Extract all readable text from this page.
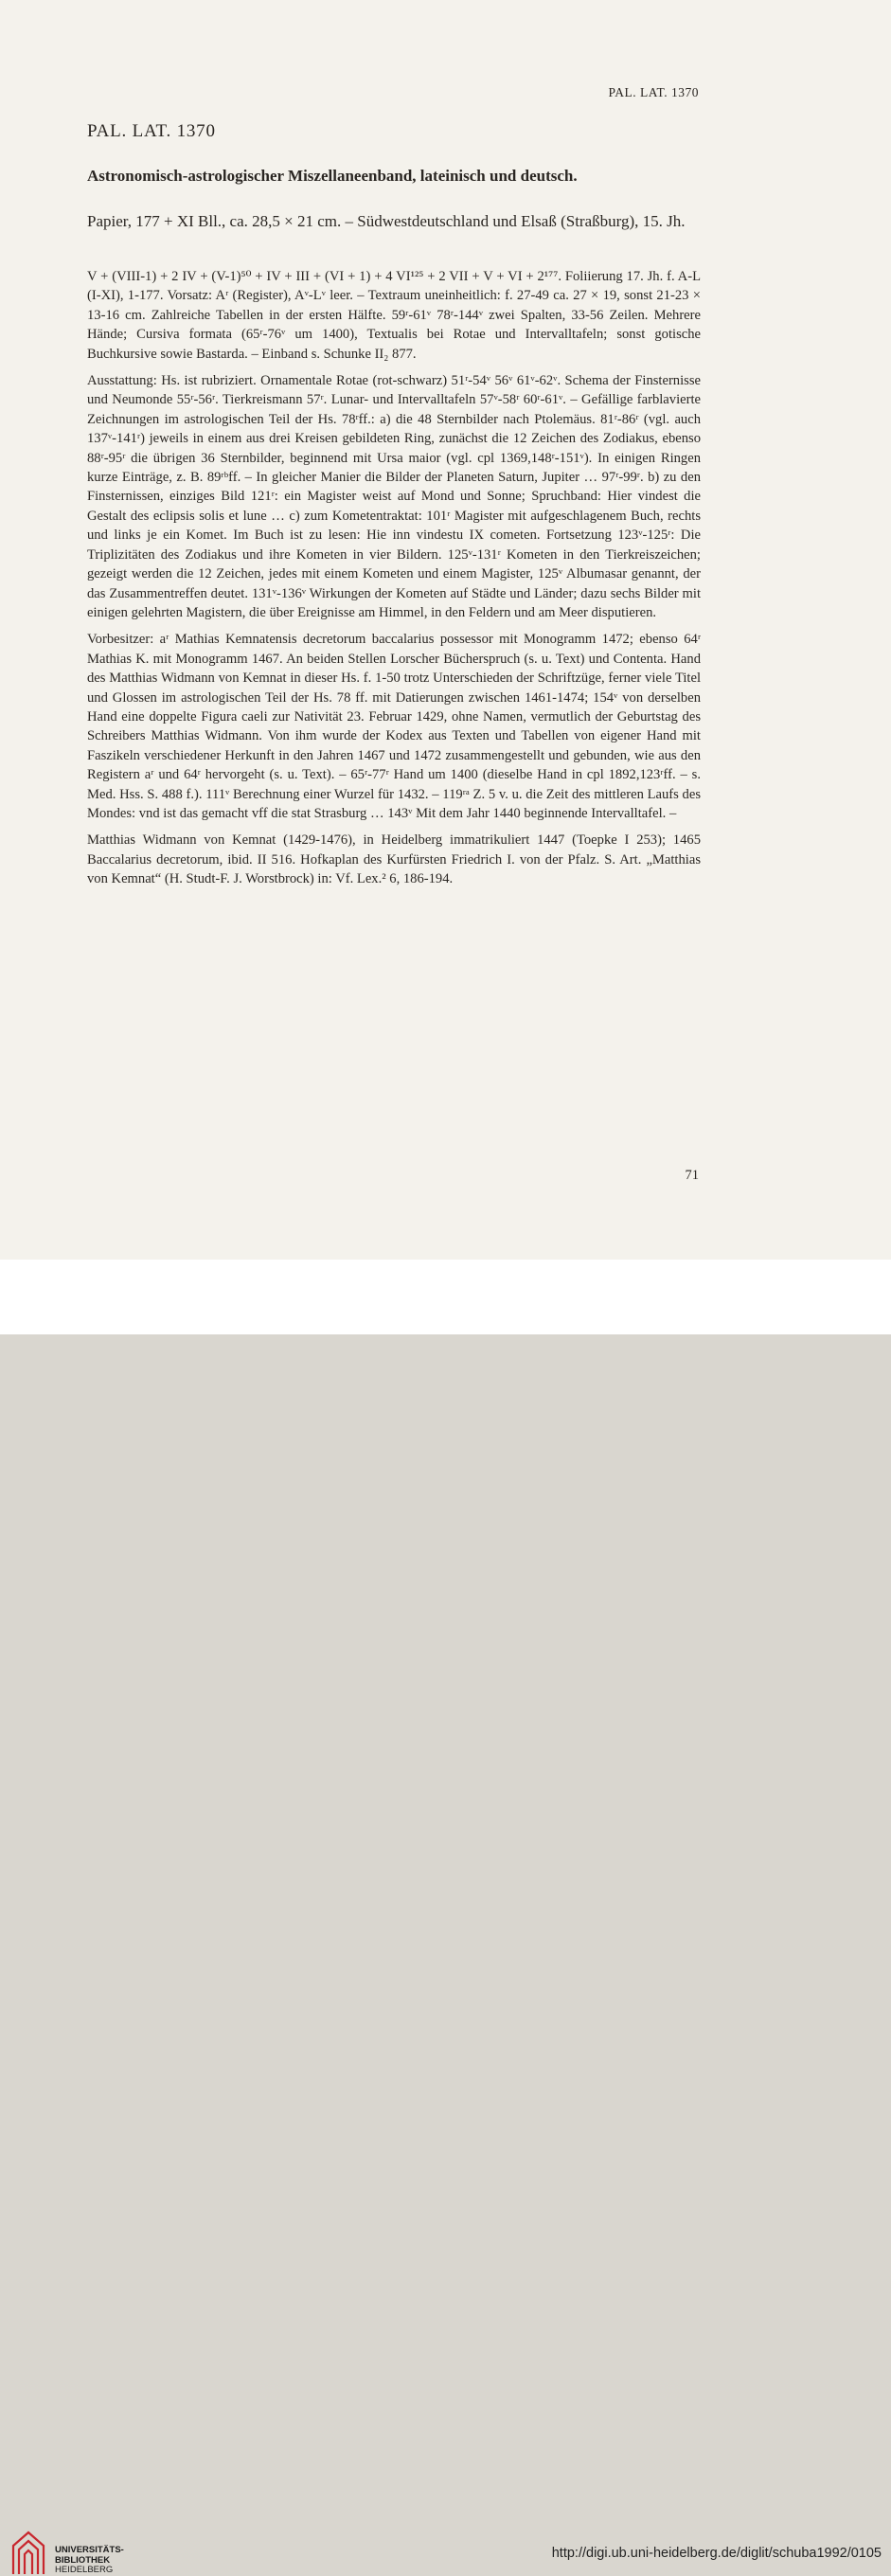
PAL. LAT. 1370
PAL. LAT. 1370
Astronomisch-astrologischer Miszellaneenband, lateinisch und deutsch.
Papier, 177 + XI Bll., ca. 28,5 × 21 cm. – Südwestdeutschland und Elsaß (Straßburg), 15. Jh.

V + (VIII-1) + 2 IV + (V-1)⁵⁰ + IV + III + (VI + 1) + 4 VI¹²⁵ + 2 VII + V + VI + 2¹⁷⁷. Foliierung 17. Jh. f. A-L (I-XI), 1-177. Vorsatz: Aʳ (Register), Aᵛ-Lᵛ leer. – Textraum uneinheitlich: f. 27-49 ca. 27 × 19, sonst 21-23 × 13-16 cm. Zahlreiche Tabellen in der ersten Hälfte. 59ʳ-61ᵛ 78ʳ-144ᵛ zwei Spalten, 33-56 Zeilen. Mehrere Hände; Cursiva formata (65ʳ-76ᵛ um 1400), Textualis bei Rotae und Intervalltafeln; sonst gotische Buchkursive sowie Bastarda. – Einband s. Schunke II₂ 877.

Ausstattung: Hs. ist rubriziert. Ornamentale Rotae (rot-schwarz) 51ʳ-54ᵛ 56ᵛ 61ᵛ-62ᵛ. Schema der Finsternisse und Neumonde 55ʳ-56ʳ. Tierkreismann 57ʳ. Lunar- und Intervalltafeln 57ᵛ-58ʳ 60ʳ-61ᵛ. – Gefällige farblavierte Zeichnungen im astrologischen Teil der Hs. 78ʳff.: a) die 48 Sternbilder nach Ptolemäus. 81ʳ-86ʳ (vgl. auch 137ᵛ-141ʳ) jeweils in einem aus drei Kreisen gebildeten Ring, zunächst die 12 Zeichen des Zodiakus, ebenso 88ʳ-95ʳ die übrigen 36 Sternbilder, beginnend mit Ursa maior (vgl. cpl 1369,148ʳ-151ᵛ). In einigen Ringen kurze Einträge, z. B. 89ʳᵇff. – In gleicher Manier die Bilder der Planeten Saturn, Jupiter … 97ʳ-99ʳ. b) zu den Finsternissen, einziges Bild 121ʳ: ein Magister weist auf Mond und Sonne; Spruchband: Hier vindest die Gestalt des eclipsis solis et lune … c) zum Kometentraktat: 101ʳ Magister mit aufgeschlagenem Buch, rechts und links je ein Komet. Im Buch ist zu lesen: Hie inn vindestu IX cometen. Fortsetzung 123ᵛ-125ʳ: Die Triplizitäten des Zodiakus und ihre Kometen in vier Bildern. 125ᵛ-131ʳ Kometen in den Tierkreiszeichen; gezeigt werden die 12 Zeichen, jedes mit einem Kometen und einem Magister, 125ᵛ Albumasar genannt, der das Zusammentreffen deutet. 131ᵛ-136ᵛ Wirkungen der Kometen auf Städte und Länder; dazu sechs Bilder mit einigen gelehrten Magistern, die über Ereignisse am Himmel, in den Feldern und am Meer disputieren.

Vorbesitzer: aʳ Mathias Kemnatensis decretorum baccalarius possessor mit Monogramm 1472; ebenso 64ʳ Mathias K. mit Monogramm 1467. An beiden Stellen Lorscher Bücherspruch (s. u. Text) und Contenta. Hand des Matthias Widmann von Kemnat in dieser Hs. f. 1-50 trotz Unterschieden der Schriftzüge, ferner viele Titel und Glossen im astrologischen Teil der Hs. 78 ff. mit Datierungen zwischen 1461-1474; 154ᵛ von derselben Hand eine doppelte Figura caeli zur Nativität 23. Februar 1429, ohne Namen, vermutlich der Geburtstag des Schreibers Matthias Widmann. Von ihm wurde der Kodex aus Texten und Tabellen von eigener Hand mit Faszikeln verschiedener Herkunft in den Jahren 1467 und 1472 zusammengestellt und gebunden, wie aus den Registern aʳ und 64ʳ hervorgeht (s. u. Text). – 65ʳ-77ʳ Hand um 1400 (dieselbe Hand in cpl 1892,123ʳff. – s. Med. Hss. S. 488 f.). 111ᵛ Berechnung einer Wurzel für 1432. – 119ʳᵃ Z. 5 v. u. die Zeit des mittleren Laufs des Mondes: vnd ist das gemacht vff die stat Strasburg … 143ᵛ Mit dem Jahr 1440 beginnende Intervalltafel. –

Matthias Widmann von Kemnat (1429-1476), in Heidelberg immatrikuliert 1447 (Toepke I 253); 1465 Baccalarius decretorum, ibid. II 516. Hofkaplan des Kurfürsten Friedrich I. von der Pfalz. S. Art. „Matthias von Kemnat“ (H. Studt-F. J. Worstbrock) in: Vf. Lex.² 6, 186-194.

71
UNIVERSITÄTS-
BIBLIOTHEK
HEIDELBERG
http://digi.ub.uni-heidelberg.de/diglit/schuba1992/0105
